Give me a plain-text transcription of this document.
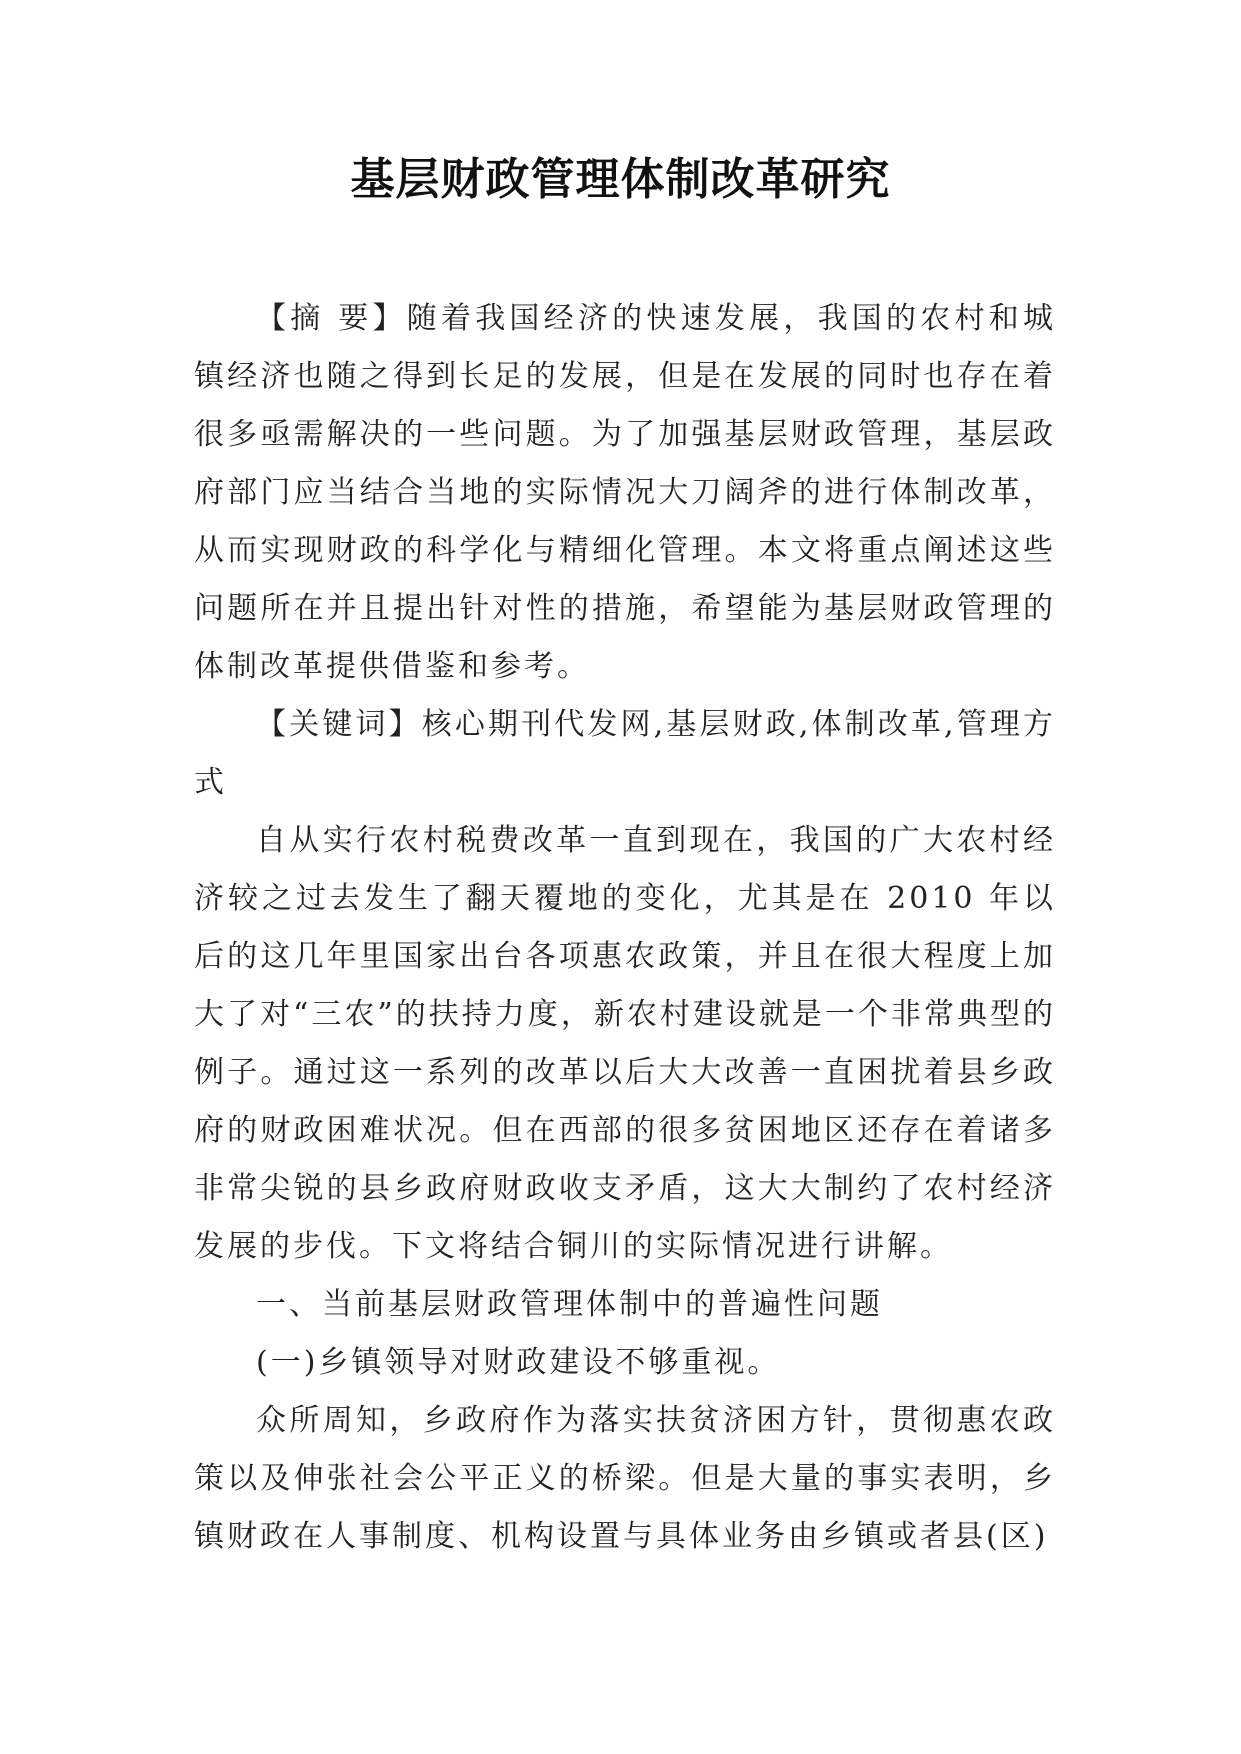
基层财政管理体制改革研究

【摘 要】随着我国经济的快速发展，我国的农村和城镇经济也随之得到长足的发展，但是在发展的同时也存在着很多亟需解决的一些问题。为了加强基层财政管理，基层政府部门应当结合当地的实际情况大刀阔斧的进行体制改革，从而实现财政的科学化与精细化管理。本文将重点阐述这些问题所在并且提出针对性的措施，希望能为基层财政管理的体制改革提供借鉴和参考。

【关键词】核心期刊代发网,基层财政,体制改革,管理方式

自从实行农村税费改革一直到现在，我国的广大农村经济较之过去发生了翻天覆地的变化，尤其是在 2010 年以后的这几年里国家出台各项惠农政策，并且在很大程度上加大了对“三农”的扶持力度，新农村建设就是一个非常典型的例子。通过这一系列的改革以后大大改善一直困扰着县乡政府的财政困难状况。但在西部的很多贫困地区还存在着诸多非常尖锐的县乡政府财政收支矛盾，这大大制约了农村经济发展的步伐。下文将结合铜川的实际情况进行讲解。

一、当前基层财政管理体制中的普遍性问题

(一)乡镇领导对财政建设不够重视。

众所周知，乡政府作为落实扶贫济困方针，贯彻惠农政策以及伸张社会公平正义的桥梁。但是大量的事实表明，乡镇财政在人事制度、机构设置与具体业务由乡镇或者县(区)
